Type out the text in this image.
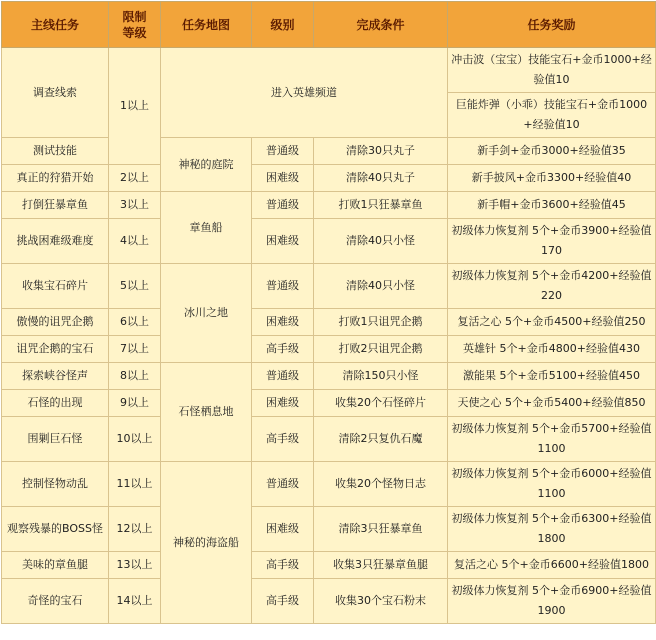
主线任务	限制等级	任务地图	级别	完成条件	任务奖励
调查线索	1以上	进入英雄频道			冲击波（宝宝）技能宝石+金币1000+经验值10
					巨能炸弹（小乖）技能宝石+金币1000+经验值10
测试技能		神秘的庭院	普通级	清除30只丸子	新手剑+金币3000+经验值35
真正的狩猎开始	2以上		困难级	清除40只丸子	新手披风+金币3300+经验值40
打倒狂暴章鱼	3以上	章鱼船	普通级	打败1只狂暴章鱼	新手帽+金币3600+经验值45
挑战困难级难度	4以上		困难级	清除40只小怪	初级体力恢复剂 5个+金币3900+经验值170
收集宝石碎片	5以上	冰川之地	普通级	清除40只小怪	初级体力恢复剂 5个+金币4200+经验值220
傲慢的诅咒企鹅	6以上		困难级	打败1只诅咒企鹅	复活之心 5个+金币4500+经验值250
诅咒企鹅的宝石	7以上		高手级	打败2只诅咒企鹅	英雄针 5个+金币4800+经验值430
探索峡谷怪声	8以上	石怪栖息地	普通级	清除150只小怪	激能果 5个+金币5100+经验值450
石怪的出现	9以上		困难级	收集20个石怪碎片	天使之心 5个+金币5400+经验值850
围剿巨石怪	10以上		高手级	清除2只复仇石魔	初级体力恢复剂 5个+金币5700+经验值1100
控制怪物动乱	11以上	神秘的海盗船	普通级	收集20个怪物日志	初级体力恢复剂 5个+金币6000+经验值1100
观察残暴的BOSS怪	12以上		困难级	清除3只狂暴章鱼	初级体力恢复剂 5个+金币6300+经验值1800
美味的章鱼腿	13以上		高手级	收集3只狂暴章鱼腿	复活之心 5个+金币6600+经验值1800
奇怪的宝石	14以上		高手级	收集30个宝石粉末	初级体力恢复剂 5个+金币6900+经验值1900
